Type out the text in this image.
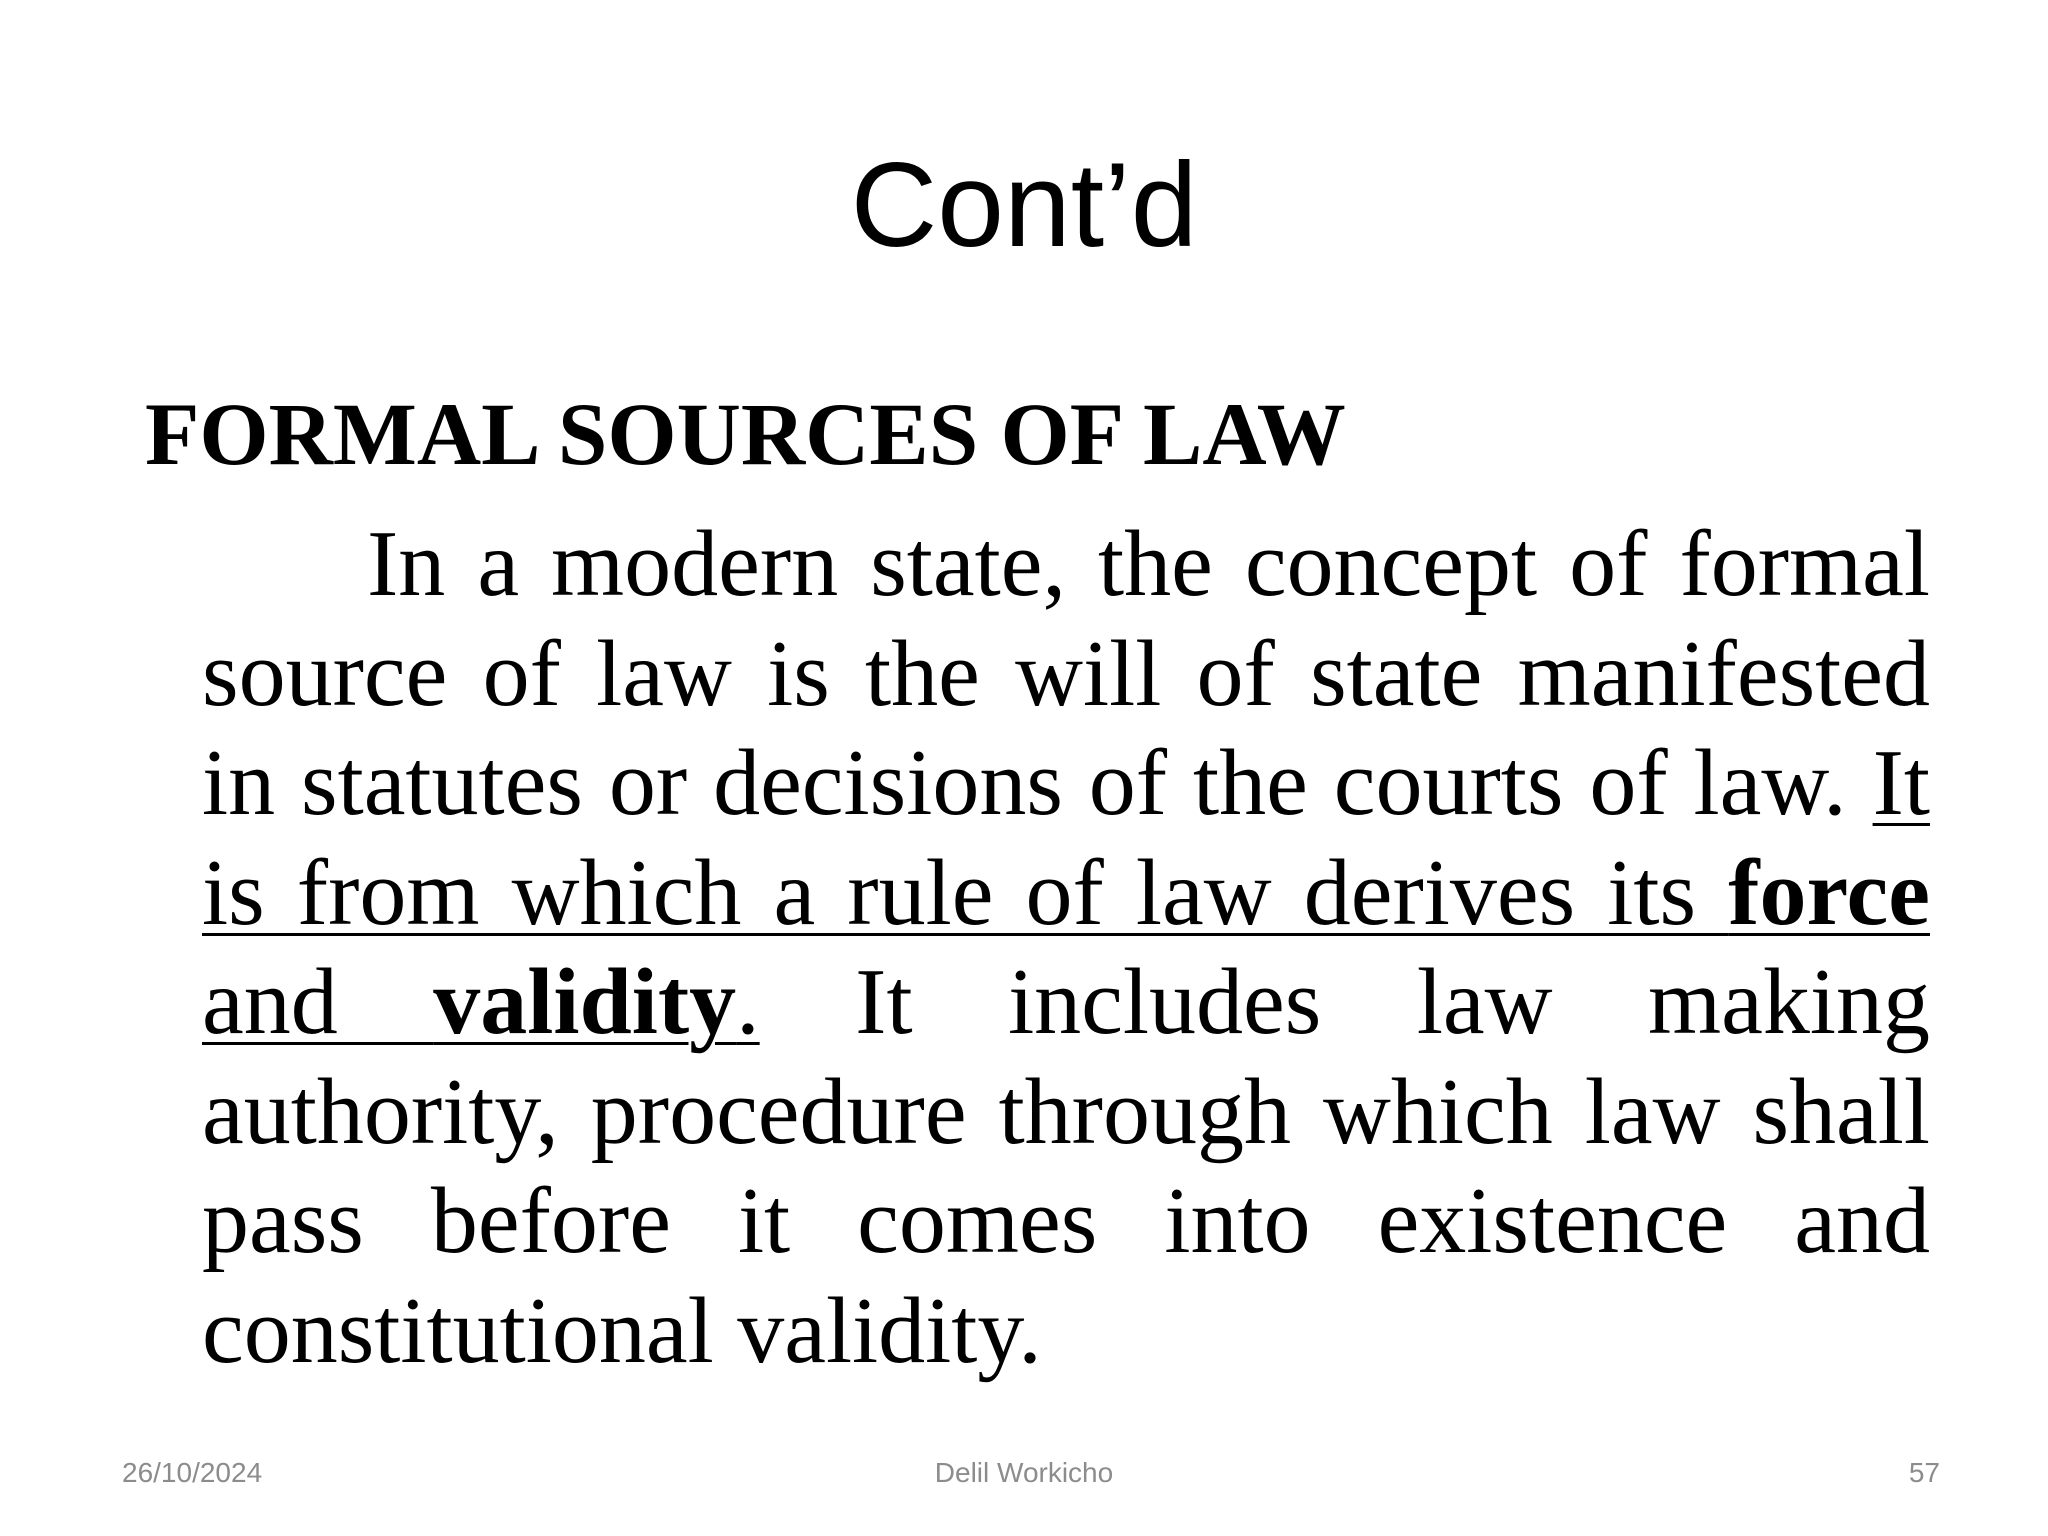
Cont’d
FORMAL SOURCES OF LAW

In a modern state, the concept of formal source of law is the will of state manifested in statutes or decisions of the courts of law. It is from which a rule of law derives its force and validity. It includes law making authority, procedure through which law shall pass before it comes into existence and constitutional validity.

Delil Workicho
26/10/2024	57
